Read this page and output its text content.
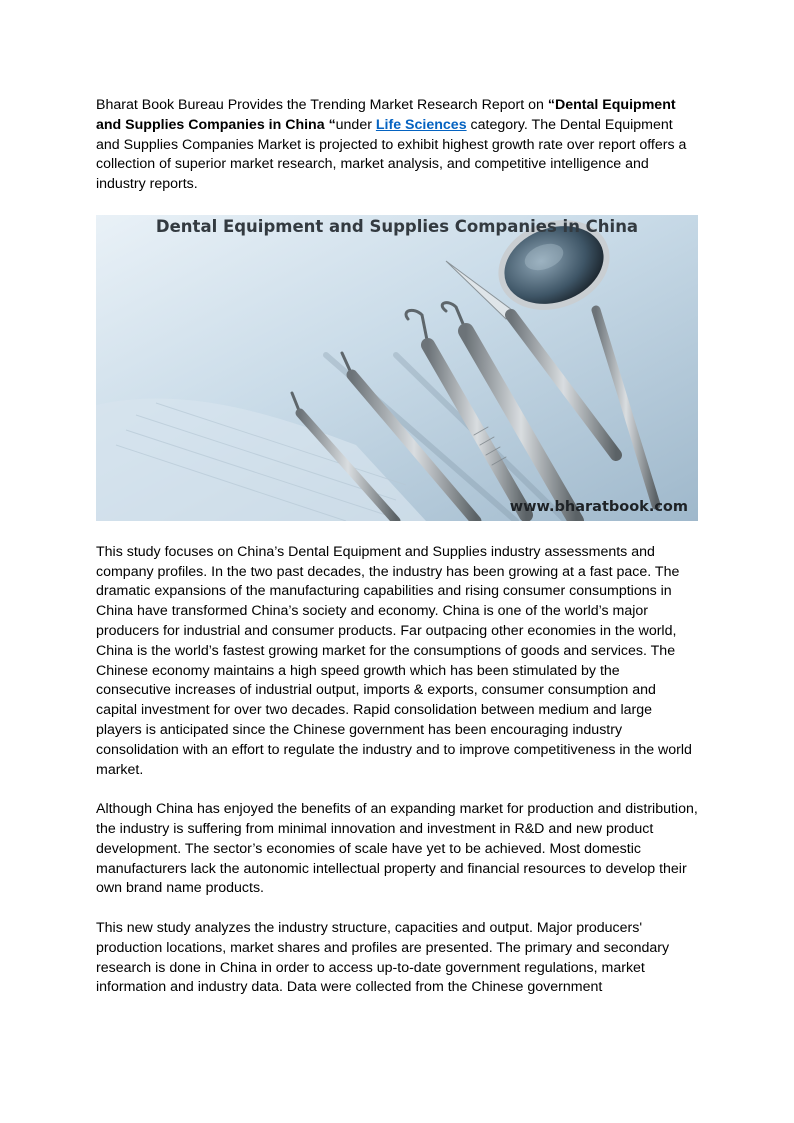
Bharat Book Bureau Provides the Trending Market Research Report on “Dental Equipment and Supplies Companies in China “under Life Sciences category. The Dental Equipment and Supplies Companies Market is projected to exhibit highest growth rate over report offers a collection of superior market research, market analysis, and competitive intelligence and industry reports.

Dental Equipment and Supplies Companies in China
www.bharatbook.com

This study focuses on China’s Dental Equipment and Supplies industry assessments and company profiles. In the two past decades, the industry has been growing at a fast pace. The dramatic expansions of the manufacturing capabilities and rising consumer consumptions in China have transformed China’s society and economy. China is one of the world’s major producers for industrial and consumer products. Far outpacing other economies in the world, China is the world’s fastest growing market for the consumptions of goods and services. The Chinese economy maintains a high speed growth which has been stimulated by the consecutive increases of industrial output, imports & exports, consumer consumption and capital investment for over two decades. Rapid consolidation between medium and large players is anticipated since the Chinese government has been encouraging industry consolidation with an effort to regulate the industry and to improve competitiveness in the world market.

Although China has enjoyed the benefits of an expanding market for production and distribution, the industry is suffering from minimal innovation and investment in R&D and new product development. The sector’s economies of scale have yet to be achieved. Most domestic manufacturers lack the autonomic intellectual property and financial resources to develop their own brand name products.

This new study analyzes the industry structure, capacities and output. Major producers' production locations, market shares and profiles are presented. The primary and secondary research is done in China in order to access up-to-date government regulations, market information and industry data. Data were collected from the Chinese government
